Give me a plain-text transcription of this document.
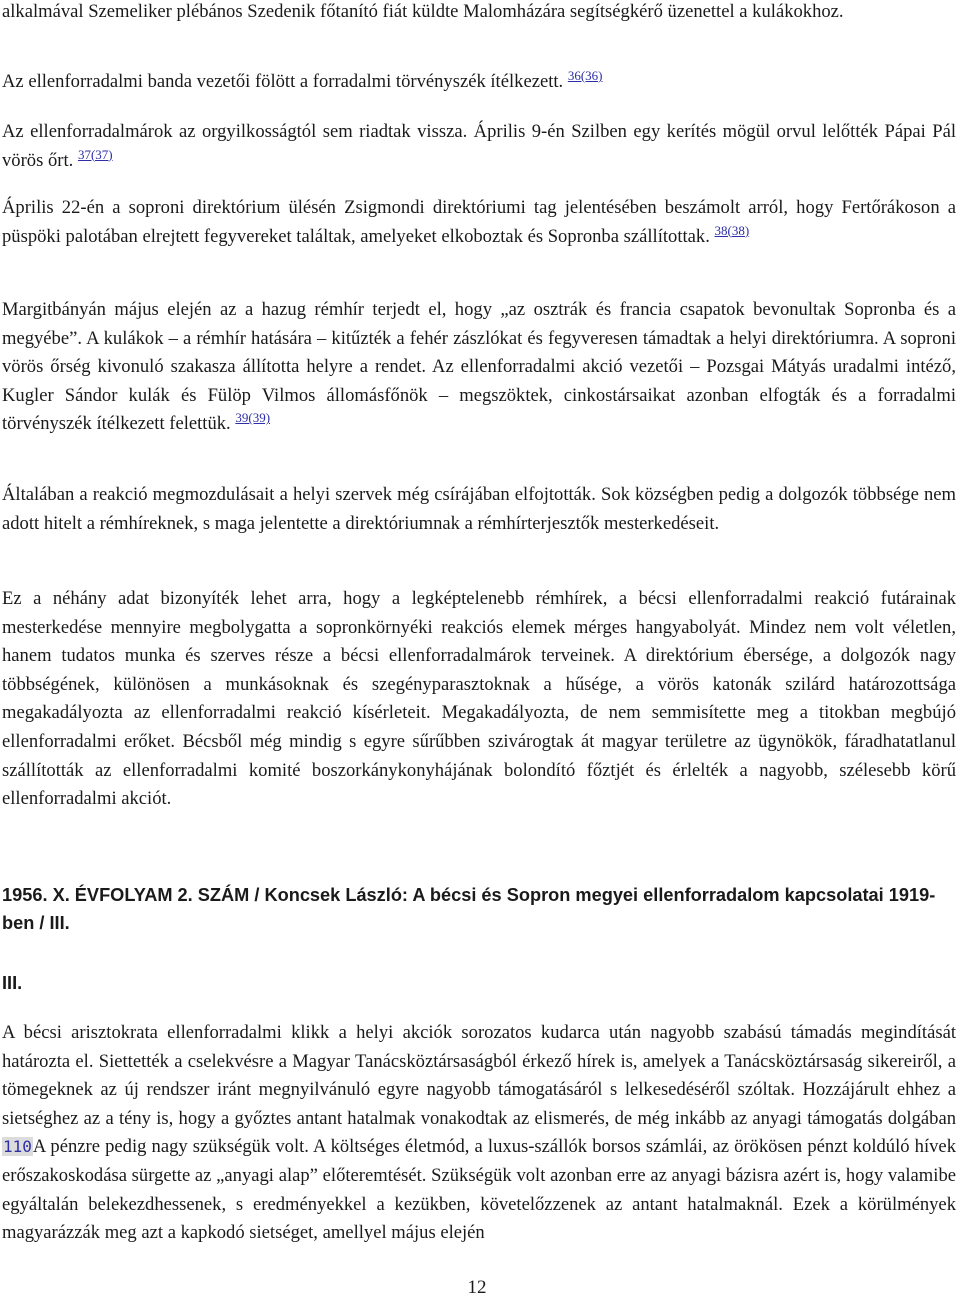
alkalmával Szemeliker plébános Szedenik főtanító fiát küldte Malomházára segítségkérő üzenettel a kulákokhoz.

Az ellenforradalmi banda vezetői fölött a forradalmi törvényszék ítélkezett. $^{36(36)}$

Az ellenforradalmárok az orgyilkosságtól sem riadtak vissza. Április 9-én Szilben egy kerítés mögül orvul lelőtték Pápai Pál vörös őrt. $^{37(37)}$

Április 22-én a soproni direktórium ülésén Zsigmondi direktóriumi tag jelentésében beszámolt arról, hogy Fertőrákoson a püspöki palotában elrejtett fegyvereket találtak, amelyeket elkoboztak és Sopronba szállítottak. $^{38(38)}$

Margitbányán május elején az a hazug rémhír terjedt el, hogy „az osztrák és francia csapatok bevonultak Sopronba és a megyébe”. A kulákok – a rémhír hatására – kitűzték a fehér zászlókat és fegyveresen támadtak a helyi direktóriumra. A soproni vörös őrség kivonuló szakasza állította helyre a rendet. Az ellenforradalmi akció vezetői – Pozsgai Mátyás uradalmi intéző, Kugler Sándor kulák és Fülöp Vilmos állomásfőnök – megszöktek, cinkostársaikat azonban elfogták és a forradalmi törvényszék ítélkezett felettük. $^{39(39)}$

Általában a reakció megmozdulásait a helyi szervek még csírájában elfojtották. Sok községben pedig a dolgozók többsége nem adott hitelt a rémhíreknek, s maga jelentette a direktóriumnak a rémhírterjesztők mesterkedéseit.

Ez a néhány adat bizonyíték lehet arra, hogy a legképtelenebb rémhírek, a bécsi ellenforradalmi reakció futárainak mesterkedése mennyire megbolygatta a sopronkörnyéki reakciós elemek mérges hangyabolyát. Mindez nem volt véletlen, hanem tudatos munka és szerves része a bécsi ellenforradalmárok terveinek. A direktórium ébersége, a dolgozók nagy többségének, különösen a munkásoknak és szegényparasztoknak a hűsége, a vörös katonák szilárd határozottsága megakadályozta az ellenforradalmi reakció kísérleteit. Megakadályozta, de nem semmisítette meg a titokban megbújó ellenforradalmi erőket. Bécsből még mindig s egyre sűrűbben szivárogtak át magyar területre az ügynökök, fáradhatatlanul szállították az ellenforradalmi komité boszorkánykonyhájának bolondító főztjét és érlelték a nagyobb, szélesebb körű ellenforradalmi akciót.

1956. X. ÉVFOLYAM 2. SZÁM / Koncsek László: A bécsi és Sopron megyei ellenforradalom kapcsolatai 1919-ben / III.
III.

A bécsi arisztokrata ellenforradalmi klikk a helyi akciók sorozatos kudarca után nagyobb szabású támadás megindítását határozta el. Siettették a cselekvésre a Magyar Tanácsköztársaságból érkező hírek is, amelyek a Tanácsköztársaság sikereiről, a tömegeknek az új rendszer iránt megnyilvánuló egyre nagyobb támogatásáról s lelkesedéséről szóltak. Hozzájárult ehhez a sietséghez az a tény is, hogy a győztes antant hatalmak vonakodtak az elismerés, de még inkább az anyagi támogatás dolgában 110A pénzre pedig nagy szükségük volt. A költséges életmód, a luxus-szállók borsos számlái, az örökösen pénzt koldúló hívek erőszakoskodása sürgette az „anyagi alap” előteremtését. Szükségük volt azonban erre az anyagi bázisra azért is, hogy valamibe egyáltalán belekezdhessenek, s eredményekkel a kezükben, követelőzzenek az antant hatalmaknál. Ezek a körülmények magyarázzák meg azt a kapkodó sietséget, amellyel május elején

12
